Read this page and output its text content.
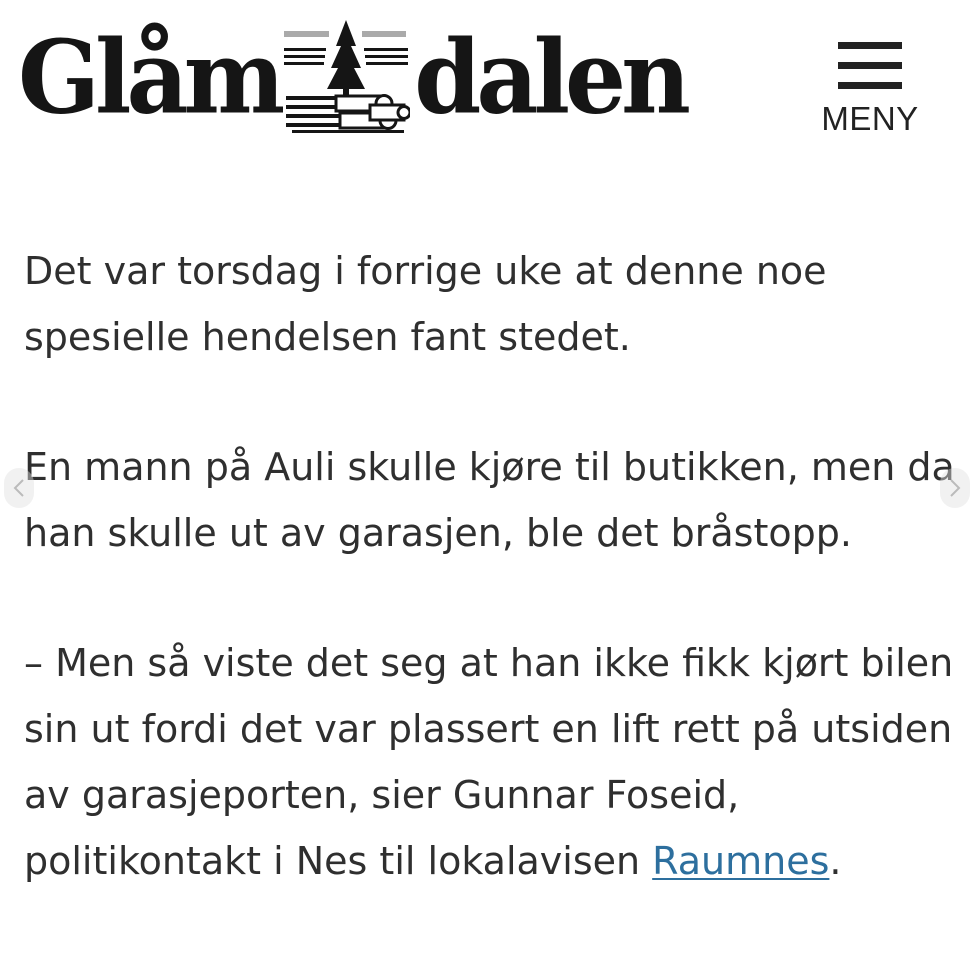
Glåm dalen	MENY

Det var torsdag i forrige uke at denne noe spesielle hendelsen fant stedet.

En mann på Auli skulle kjøre til butikken, men da han skulle ut av garasjen, ble det bråstopp.

– Men så viste det seg at han ikke fikk kjørt bilen sin ut fordi det var plassert en lift rett på utsiden av garasjeporten, sier Gunnar Foseid, politikontakt i Nes til lokalavisen Raumnes.
